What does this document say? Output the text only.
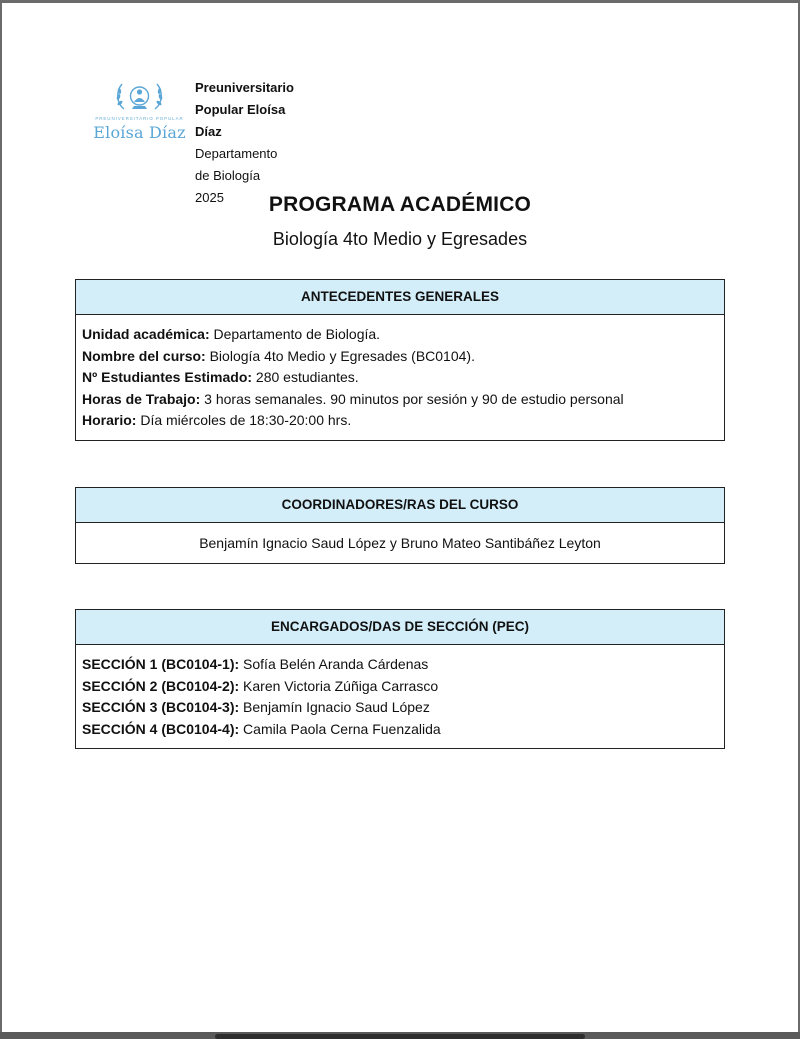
PREUNIVERSITARIO POPULAR
Eloísa Díaz
Preuniversitario Popular Eloísa Díaz
Departamento de Biología
2025	PROGRAMA ACADÉMICO
Biología 4to Medio y Egresades
ANTECEDENTES GENERALES
Unidad académica: Departamento de Biología.
Nombre del curso: Biología 4to Medio y Egresades (BC0104).
Nº Estudiantes Estimado: 280 estudiantes.
Horas de Trabajo: 3 horas semanales. 90 minutos por sesión y 90 de estudio personal
Horario: Día miércoles de 18:30-20:00 hrs.
COORDINADORES/RAS DEL CURSO
Benjamín Ignacio Saud López y Bruno Mateo Santibáñez Leyton
ENCARGADOS/DAS DE SECCIÓN (PEC)
SECCIÓN 1 (BC0104-1): Sofía Belén Aranda Cárdenas
SECCIÓN 2 (BC0104-2): Karen Victoria Zúñiga Carrasco
SECCIÓN 3 (BC0104-3): Benjamín Ignacio Saud López
SECCIÓN 4 (BC0104-4): Camila Paola Cerna Fuenzalida
